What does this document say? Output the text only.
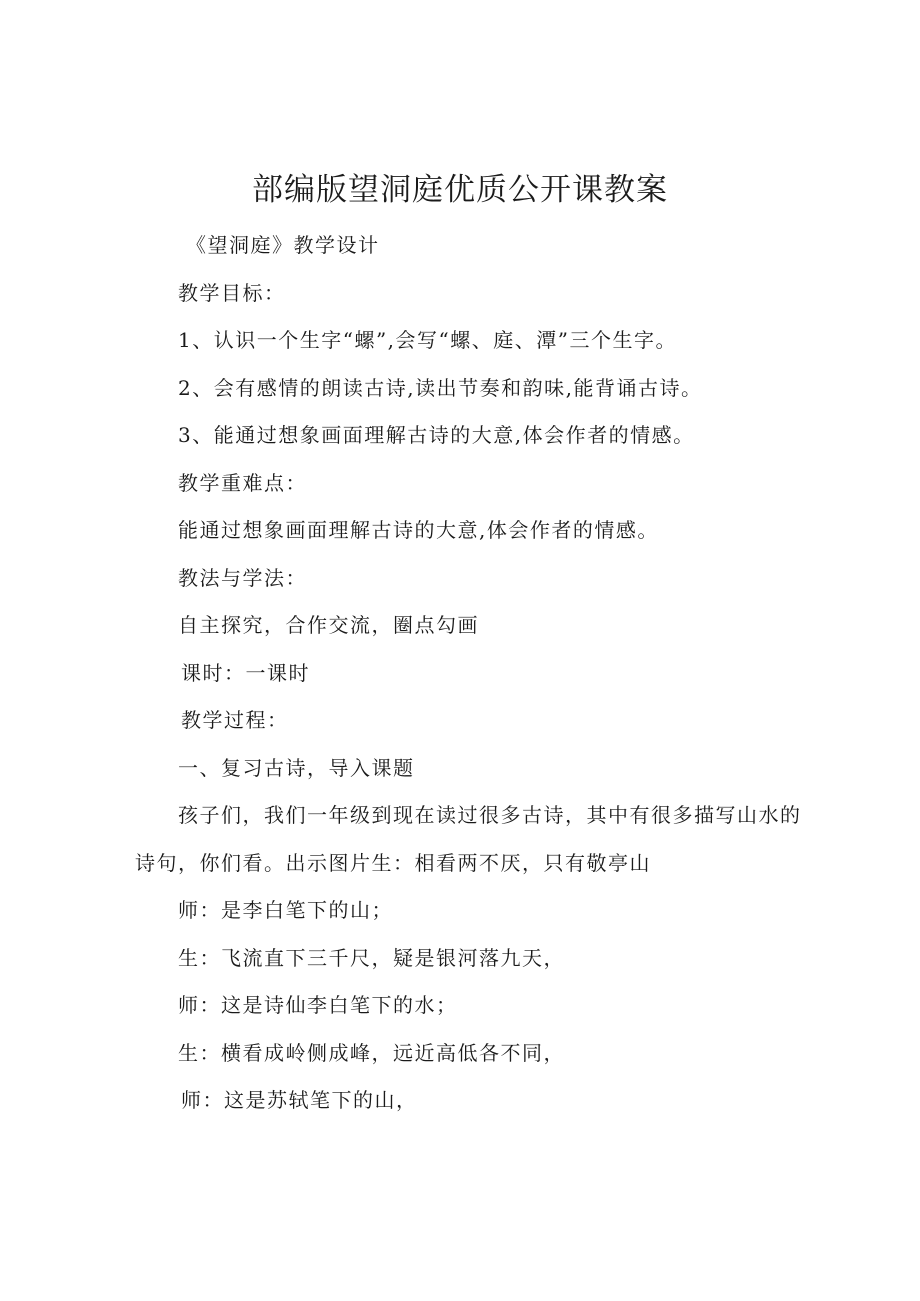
部编版望洞庭优质公开课教案
《望洞庭》教学设计
教学目标：
1、认识一个生字“螺”,会写“螺、庭、潭”三个生字。
2、会有感情的朗读古诗,读出节奏和韵味,能背诵古诗。
3、能通过想象画面理解古诗的大意,体会作者的情感。
教学重难点：
能通过想象画面理解古诗的大意,体会作者的情感。
教法与学法：
自主探究，合作交流，圈点勾画
课时：一课时
教学过程：
一、复习古诗，导入课题
孩子们，我们一年级到现在读过很多古诗，其中有很多描写山水的
诗句，你们看。出示图片生：相看两不厌，只有敬亭山
师：是李白笔下的山；
生：飞流直下三千尺，疑是银河落九天，
师：这是诗仙李白笔下的水；
生：横看成岭侧成峰，远近高低各不同，
师：这是苏轼笔下的山，
